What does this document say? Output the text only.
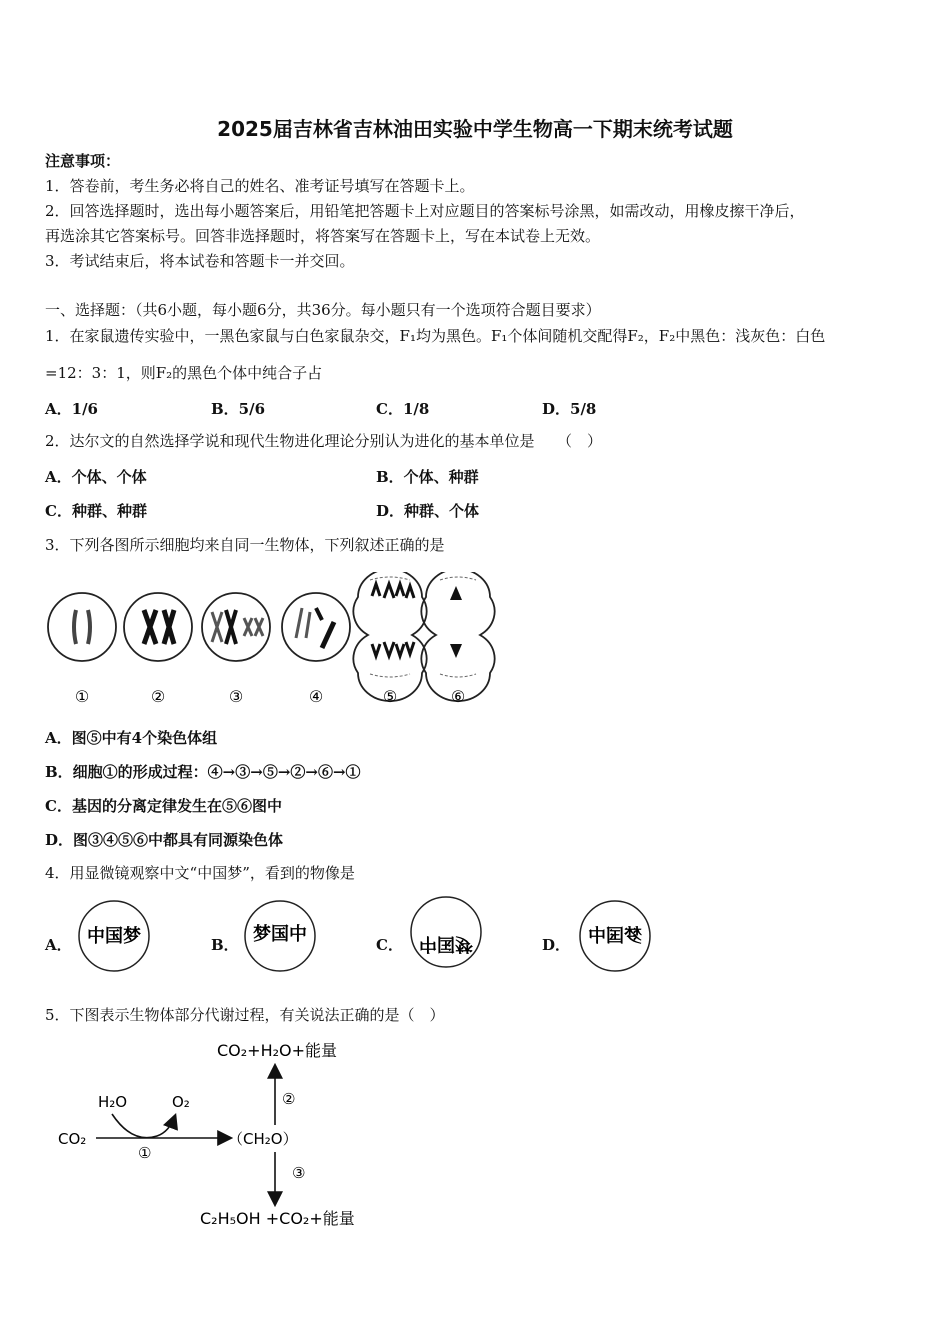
2025届吉林省吉林油田实验中学生物高一下期末统考试题
注意事项：
1．答卷前，考生务必将自己的姓名、准考证号填写在答题卡上。
2．回答选择题时，选出每小题答案后，用铅笔把答题卡上对应题目的答案标号涂黑，如需改动，用橡皮擦干净后，
再选涂其它答案标号。回答非选择题时，将答案写在答题卡上，写在本试卷上无效。
3．考试结束后，将本试卷和答题卡一并交回。
一、选择题：（共6小题，每小题6分，共36分。每小题只有一个选项符合题目要求）
1．在家鼠遗传实验中，一黑色家鼠与白色家鼠杂交，F₁均为黑色。F₁个体间随机交配得F₂，F₂中黑色：浅灰色：白色
=12：3：1，则F₂的黑色个体中纯合子占
A．1/6	B．5/6	C．1/8	D．5/8
2．达尔文的自然选择学说和现代生物进化理论分别认为进化的基本单位是　　（　）
A．个体、个体	B．个体、种群
C．种群、种群	D．种群、个体
3．下列各图所示细胞均来自同一生物体，下列叙述正确的是
①	②	③	④	⑤	⑥
A．图⑤中有4个染色体组
B．细胞①的形成过程：④→③→⑤→②→⑥→①
C．基因的分离定律发生在⑤⑥图中
D．图③④⑤⑥中都具有同源染色体
4．用显微镜观察中文“中国梦”，看到的物像是
A． 中国梦	B． 梦国中	C． 中国梦	D． 梦国中
5．下图表示生物体部分代谢过程，有关说法正确的是（　）
CO₂+H₂O+能量
H₂O	O₂
CO₂	（CH₂O）
C₂H₅OH +CO₂+能量
①
②
③
